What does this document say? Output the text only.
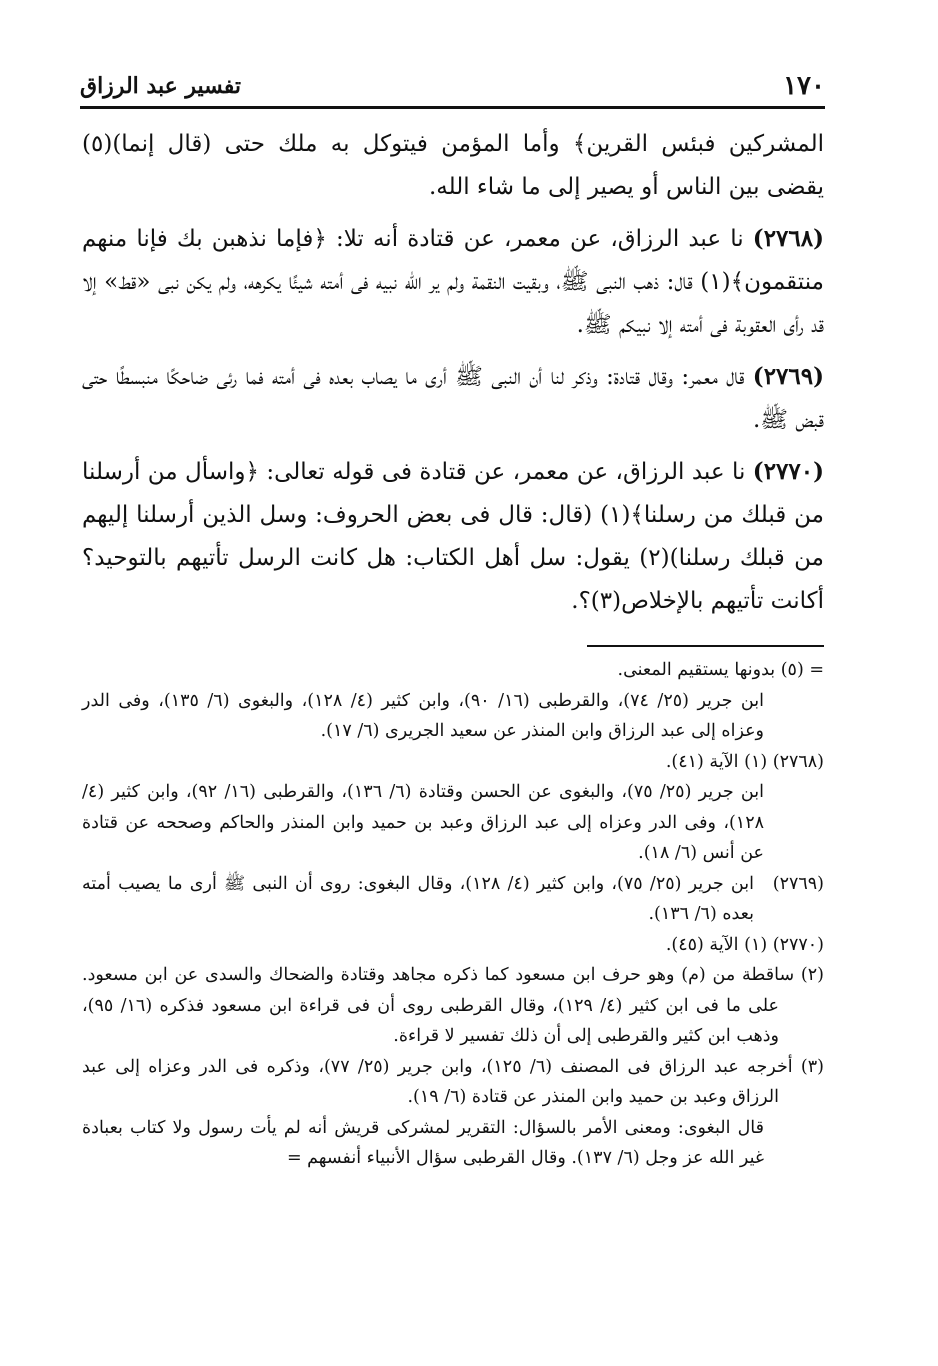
١٧٠
تفسير عبد الرزاق

المشركين فبئس القرين﴾ وأما المؤمن فيتوكل به ملك حتى (قال إنما)(٥) يقضى بين الناس أو يصير إلى ما شاء الله.

(٢٧٦٨) نا عبد الرزاق، عن معمر، عن قتادة أنه تلا: ﴿فإما نذهبن بك فإنا منهم منتقمون﴾(١) قال: ذهب النبى ﷺ، وبقيت النقمة ولم ير الله نبيه فى أمته شيئًا يكرهه، ولم يكن نبى «قط» إلا قد رأى العقوبة فى أمته إلا نبيكم ﷺ.

(٢٧٦٩) قال معمر: وقال قتادة: وذكر لنا أن النبى ﷺ أرى ما يصاب بعده فى أمته فما رئى ضاحكًا منبسطًا حتى قبض ﷺ.

(٢٧٧٠) نا عبد الرزاق، عن معمر، عن قتادة فى قوله تعالى: ﴿واسأل من أرسلنا من قبلك من رسلنا﴾(١) (قال: قال فى بعض الحروف: وسل الذين أرسلنا إليهم من قبلك رسلنا)(٢) يقول: سل أهل الكتاب: هل كانت الرسل تأتيهم بالتوحيد؟ أكانت تأتيهم بالإخلاص(٣)؟.

= (٥) بدونها يستقيم المعنى.

ابن جرير (٢٥/ ٧٤)، والقرطبى (١٦/ ٩٠)، وابن كثير (٤/ ١٢٨)، والبغوى (٦/ ١٣٥)، وفى الدر وعزاه إلى عبد الرزاق وابن المنذر عن سعيد الجريرى (٦/ ١٧).

(٢٧٦٨) (١) الآية (٤١).

ابن جرير (٢٥/ ٧٥)، والبغوى عن الحسن وقتادة (٦/ ١٣٦)، والقرطبى (١٦/ ٩٢)، وابن كثير (٤/ ١٢٨)، وفى الدر وعزاه إلى عبد الرزاق وعبد بن حميد وابن المنذر والحاكم وصححه عن قتادة عن أنس (٦/ ١٨).

(٢٧٦٩)
ابن جرير (٢٥/ ٧٥)، وابن كثير (٤/ ١٢٨)، وقال البغوى: روى أن النبى ﷺ أرى ما يصيب أمته بعده (٦/ ١٣٦).

(٢٧٧٠) (١) الآية (٤٥).

(٢) ساقطة من (م) وهو حرف ابن مسعود كما ذكره مجاهد وقتادة والضحاك والسدى عن ابن مسعود. على ما فى ابن كثير (٤/ ١٢٩)، وقال القرطبى روى أن فى قراءة ابن مسعود فذكره (١٦/ ٩٥)، وذهب ابن كثير والقرطبى إلى أن ذلك تفسير لا قراءة.

(٣) أخرجه عبد الرزاق فى المصنف (٦/ ١٢٥)، وابن جرير (٢٥/ ٧٧)، وذكره فى الدر وعزاه إلى عبد الرزاق وعبد بن حميد وابن المنذر عن قتادة (٦/ ١٩).

قال البغوى: ومعنى الأمر بالسؤال: التقرير لمشركى قريش أنه لم يأت رسول ولا كتاب بعبادة غير الله عز وجل (٦/ ١٣٧). وقال القرطبى سؤال الأنبياء أنفسهم =
